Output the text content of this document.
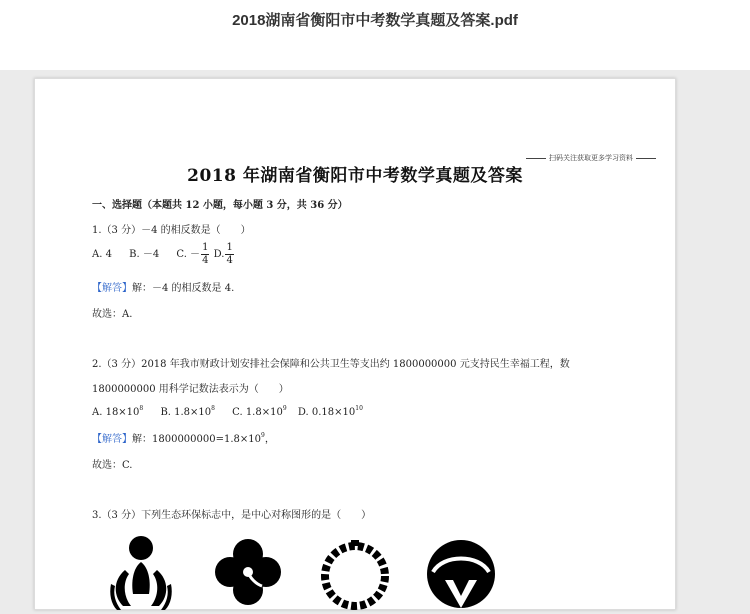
2018湖南省衡阳市中考数学真题及答案.pdf
扫码关注获取更多学习资料
2018 年湖南省衡阳市中考数学真题及答案
一、选择题（本题共 12 小题，每小题 3 分，共 36 分）
1.（3 分）－4 的相反数是（　　）
A. 4 B. －4 C. － $\frac{1}{4} D$. $\frac{1}{4}$
【解答】解：－4 的相反数是 4.
故选：A.
2.（3 分）2018 年我市财政计划安排社会保障和公共卫生等支出约 1800000000 元支持民生幸福工程，数
1800000000 用科学记数法表示为（　　）
A. $18\times 10^8$ B. $1.8\times 10^8$ C. $1.8\times 10^9$ D. $0.18\times 10^{10}$
【解答】解：$1800000000=1.8\times 10^9$，
故选：C.
3.（3 分）下列生态环保标志中，是中心对称图形的是（　　）
